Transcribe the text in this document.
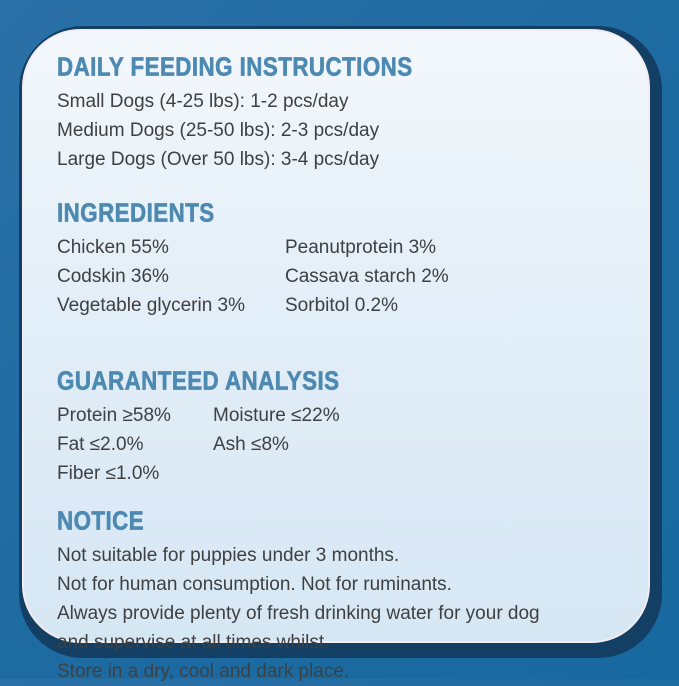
DAILY FEEDING INSTRUCTIONS
Small Dogs (4-25 lbs): 1-2 pcs/day
Medium Dogs (25-50 lbs): 2-3 pcs/day
Large Dogs (Over 50 lbs): 3-4 pcs/day
INGREDIENTS
Chicken 55%
Codskin 36%
Vegetable glycerin 3%
Peanutprotein 3%
Cassava starch 2%
Sorbitol 0.2%
GUARANTEED ANALYSIS
Protein ≥58%
Fat ≤2.0%
Fiber ≤1.0%
Moisture ≤22%
Ash ≤8%
NOTICE
Not suitable for puppies under 3 months.
Not for human consumption. Not for ruminants.
Always provide plenty of fresh drinking water for your dog
and supervise at all times whilst.
Store in a dry, cool and dark place.
